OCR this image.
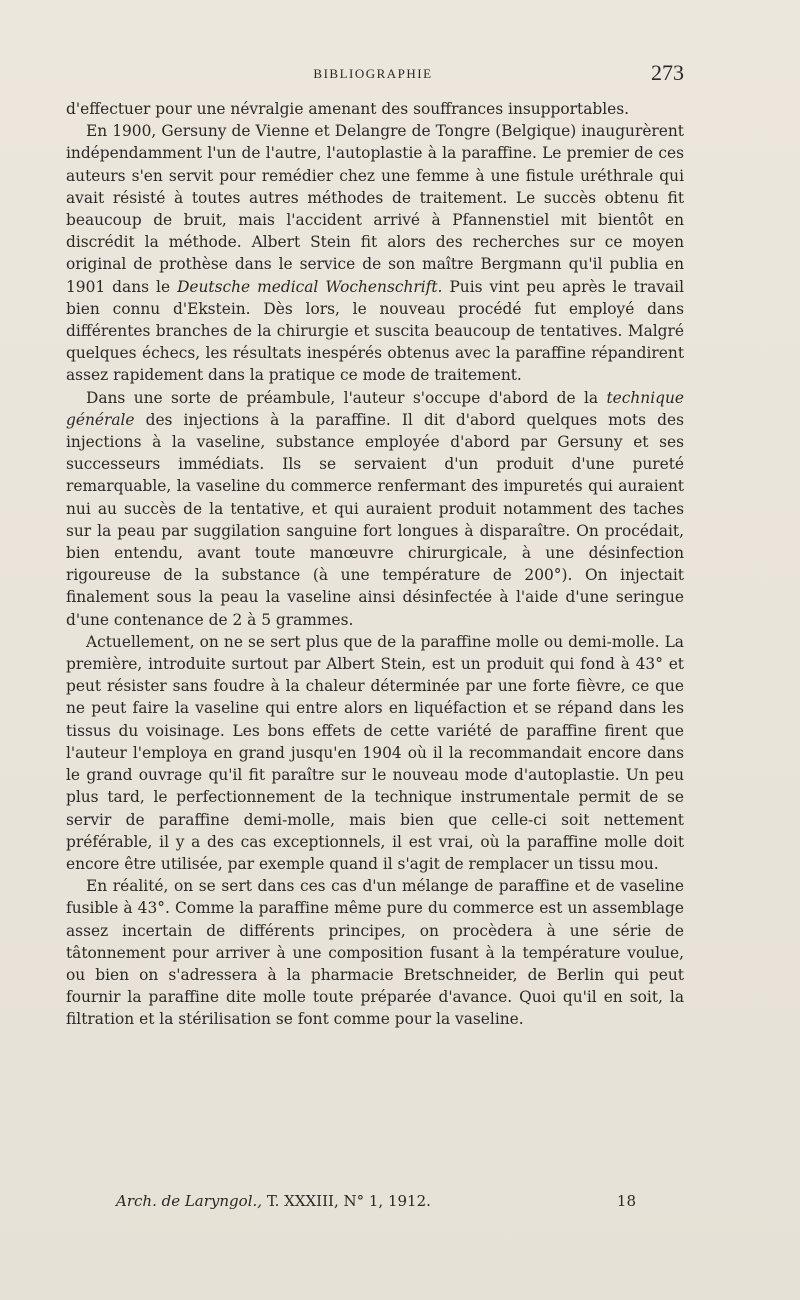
BIBLIOGRAPHIE	273

d'effectuer pour une névralgie amenant des souffrances insupportables.

En 1900, Gersuny de Vienne et Delangre de Tongre (Belgique) inaugurèrent indépendamment l'un de l'autre, l'autoplastie à la paraffine. Le premier de ces auteurs s'en servit pour remédier chez une femme à une fistule uréthrale qui avait résisté à toutes autres méthodes de traitement. Le succès obtenu fit beaucoup de bruit, mais l'accident arrivé à Pfannenstiel mit bientôt en discrédit la méthode. Albert Stein fit alors des recherches sur ce moyen original de prothèse dans le service de son maître Bergmann qu'il publia en 1901 dans le Deutsche medical Wochenschrift. Puis vint peu après le travail bien connu d'Ekstein. Dès lors, le nouveau procédé fut employé dans différentes branches de la chirurgie et suscita beaucoup de tentatives. Malgré quelques échecs, les résultats inespérés obtenus avec la paraffine répandirent assez rapidement dans la pratique ce mode de traitement.

Dans une sorte de préambule, l'auteur s'occupe d'abord de la technique générale des injections à la paraffine. Il dit d'abord quelques mots des injections à la vaseline, substance employée d'abord par Gersuny et ses successeurs immédiats. Ils se servaient d'un produit d'une pureté remarquable, la vaseline du commerce renfermant des impuretés qui auraient nui au succès de la tentative, et qui auraient produit notamment des taches sur la peau par suggilation sanguine fort longues à disparaître. On procédait, bien entendu, avant toute manœuvre chirurgicale, à une désinfection rigoureuse de la substance (à une température de 200°). On injectait finalement sous la peau la vaseline ainsi désinfectée à l'aide d'une seringue d'une contenance de 2 à 5 grammes.

Actuellement, on ne se sert plus que de la paraffine molle ou demi-molle. La première, introduite surtout par Albert Stein, est un produit qui fond à 43° et peut résister sans foudre à la chaleur déterminée par une forte fièvre, ce que ne peut faire la vaseline qui entre alors en liquéfaction et se répand dans les tissus du voisinage. Les bons effets de cette variété de paraffine firent que l'auteur l'employa en grand jusqu'en 1904 où il la recommandait encore dans le grand ouvrage qu'il fit paraître sur le nouveau mode d'autoplastie. Un peu plus tard, le perfectionnement de la technique instrumentale permit de se servir de paraffine demi-molle, mais bien que celle-ci soit nettement préférable, il y a des cas exceptionnels, il est vrai, où la paraffine molle doit encore être utilisée, par exemple quand il s'agit de remplacer un tissu mou.

En réalité, on se sert dans ces cas d'un mélange de paraffine et de vaseline fusible à 43°. Comme la paraffine même pure du commerce est un assemblage assez incertain de différents principes, on procèdera à une série de tâtonnement pour arriver à une composition fusant à la température voulue, ou bien on s'adressera à la pharmacie Bretschneider, de Berlin qui peut fournir la paraffine dite molle toute préparée d'avance. Quoi qu'il en soit, la filtration et la stérilisation se font comme pour la vaseline.

Arch. de Laryngol., T. XXXIII, N° 1, 1912.	18
